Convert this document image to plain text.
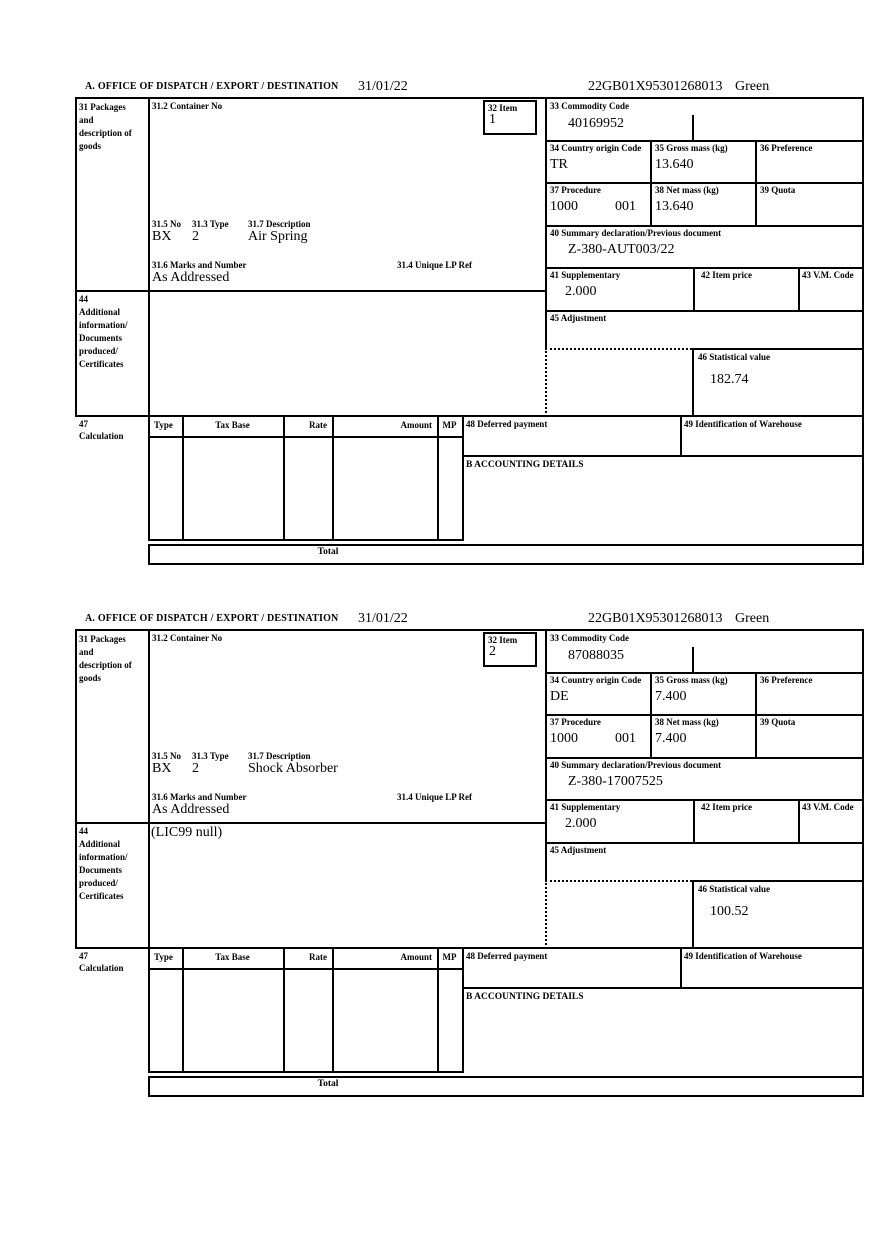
A. OFFICE OF DISPATCH / EXPORT / DESTINATION 31/01/22	22GB01X95301268013 Green
31 Packages and description of goods
31.2 Container No	32 Item
1
33 Commodity Code
40169952
34 Country origin Code
TR
35 Gross mass (kg)
13.640
36 Preference
37 Procedure
1000	001
38 Net mass (kg)
13.640
39 Quota
31.5 No 31.3 Type 31.7 Description
BX 2	Air Spring
31.6 Marks and Number	31.4 Unique LP Ref
As Addressed
40 Summary declaration/Previous document
Z-380-AUT003/22
41 Supplementary
2.000
42 Item price	43 V.M. Code
45 Adjustment
46 Statistical value
182.74
44
Additional information/ Documents produced/ Certificates
47
Calculation
Type	Tax Base	Rate	Amount	MP	48 Deferred payment	49 Identification of Warehouse
B ACCOUNTING DETAILS
Total
A. OFFICE OF DISPATCH / EXPORT / DESTINATION 31/01/22	22GB01X95301268013 Green
31 Packages and description of goods
31.2 Container No	32 Item
2
33 Commodity Code
87088035
34 Country origin Code
DE
35 Gross mass (kg)
7.400
36 Preference
37 Procedure
1000	001
38 Net mass (kg)
7.400
39 Quota
31.5 No 31.3 Type 31.7 Description
BX 2	Shock Absorber
31.6 Marks and Number	31.4 Unique LP Ref
As Addressed
40 Summary declaration/Previous document
Z-380-17007525
41 Supplementary
2.000
42 Item price	43 V.M. Code
45 Adjustment
46 Statistical value
100.52
44
Additional information/ Documents produced/ Certificates
(LIC99 null)
47
Calculation
Type	Tax Base	Rate	Amount	MP	48 Deferred payment	49 Identification of Warehouse
B ACCOUNTING DETAILS
Total
